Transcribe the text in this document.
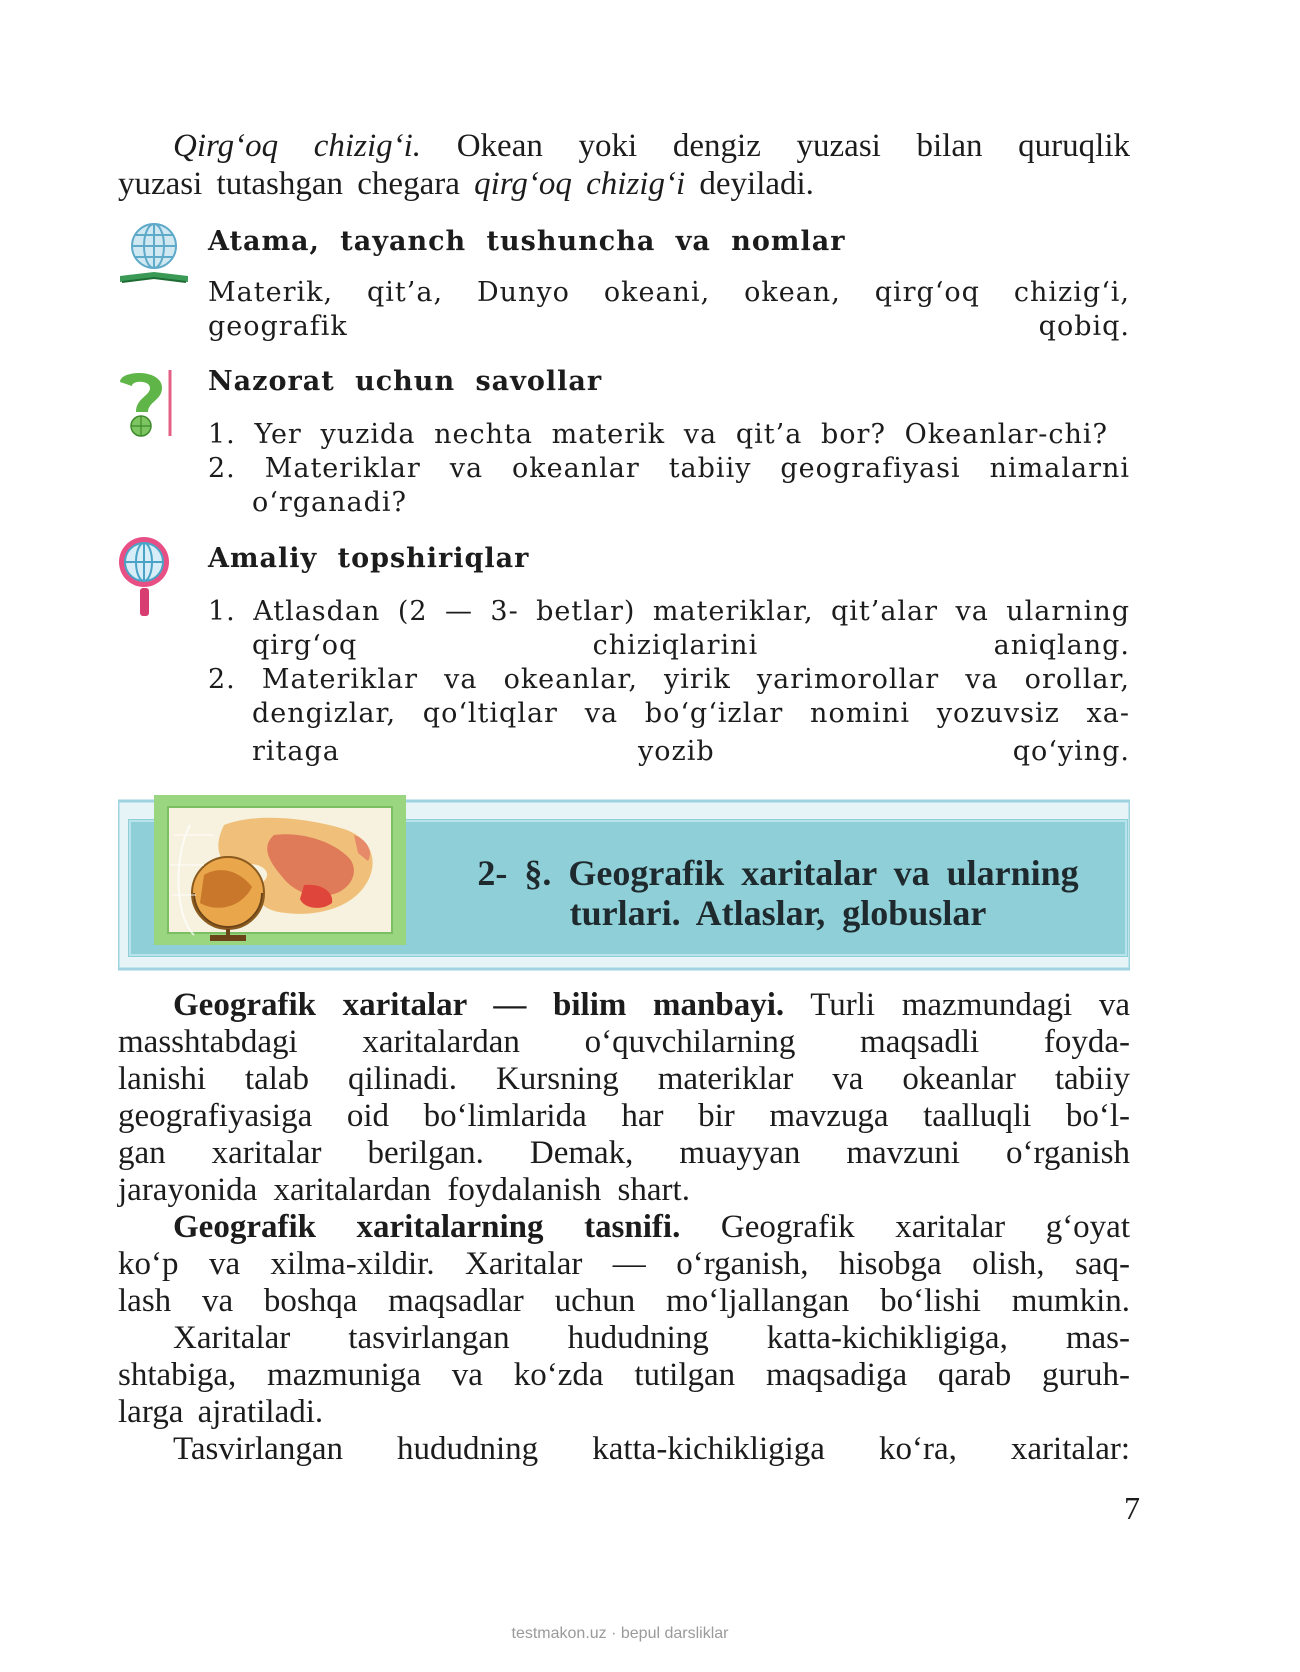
Qirg‘oq chizig‘i. Okean yoki dengiz yuzasi bilan quruqlik
yuzasi tutashgan chegara qirg‘oq chizig‘i deyiladi.
Atama, tayanch tushuncha va nomlar
Materik, qit’a, Dunyo okeani, okean, qirg‘oq chizig‘i,
geografik qobiq.
Nazorat uchun savollar
1. Yer yuzida nechta materik va qit’a bor? Okeanlar-chi?
2. Materiklar va okeanlar tabiiy geografiyasi nimalarni
o‘rganadi?
Amaliy topshiriqlar
1. Atlasdan (2 — 3- betlar) materiklar, qit’alar va ularning
qirg‘oq chiziqlarini aniqlang.
2. Materiklar va okeanlar, yirik yarimorollar va orollar,
dengizlar, qo‘ltiqlar va bo‘g‘izlar nomini yozuvsiz xa-
ritaga yozib qo‘ying.
2- §. Geografik xaritalar va ularning
turlari. Atlaslar, globuslar
Geografik xaritalar — bilim manbayi. Turli mazmundagi va
masshtabdagi xaritalardan o‘quvchilarning maqsadli foyda-
lanishi talab qilinadi. Kursning materiklar va okeanlar tabiiy
geografiyasiga oid bo‘limlarida har bir mavzuga taalluqli bo‘l-
gan xaritalar berilgan. Demak, muayyan mavzuni o‘rganish
jarayonida xaritalardan foydalanish shart.
Geografik xaritalarning tasnifi. Geografik xaritalar g‘oyat
ko‘p va xilma-xildir. Xaritalar — o‘rganish, hisobga olish, saq-
lash va boshqa maqsadlar uchun mo‘ljallangan bo‘lishi mumkin.
Xaritalar tasvirlangan hududning katta-kichikligiga, mas-
shtabiga, mazmuniga va ko‘zda tutilgan maqsadiga qarab guruh-
larga ajratiladi.
Tasvirlangan hududning katta-kichikligiga ko‘ra, xaritalar:
7
testmakon.uz · bepul darsliklar
